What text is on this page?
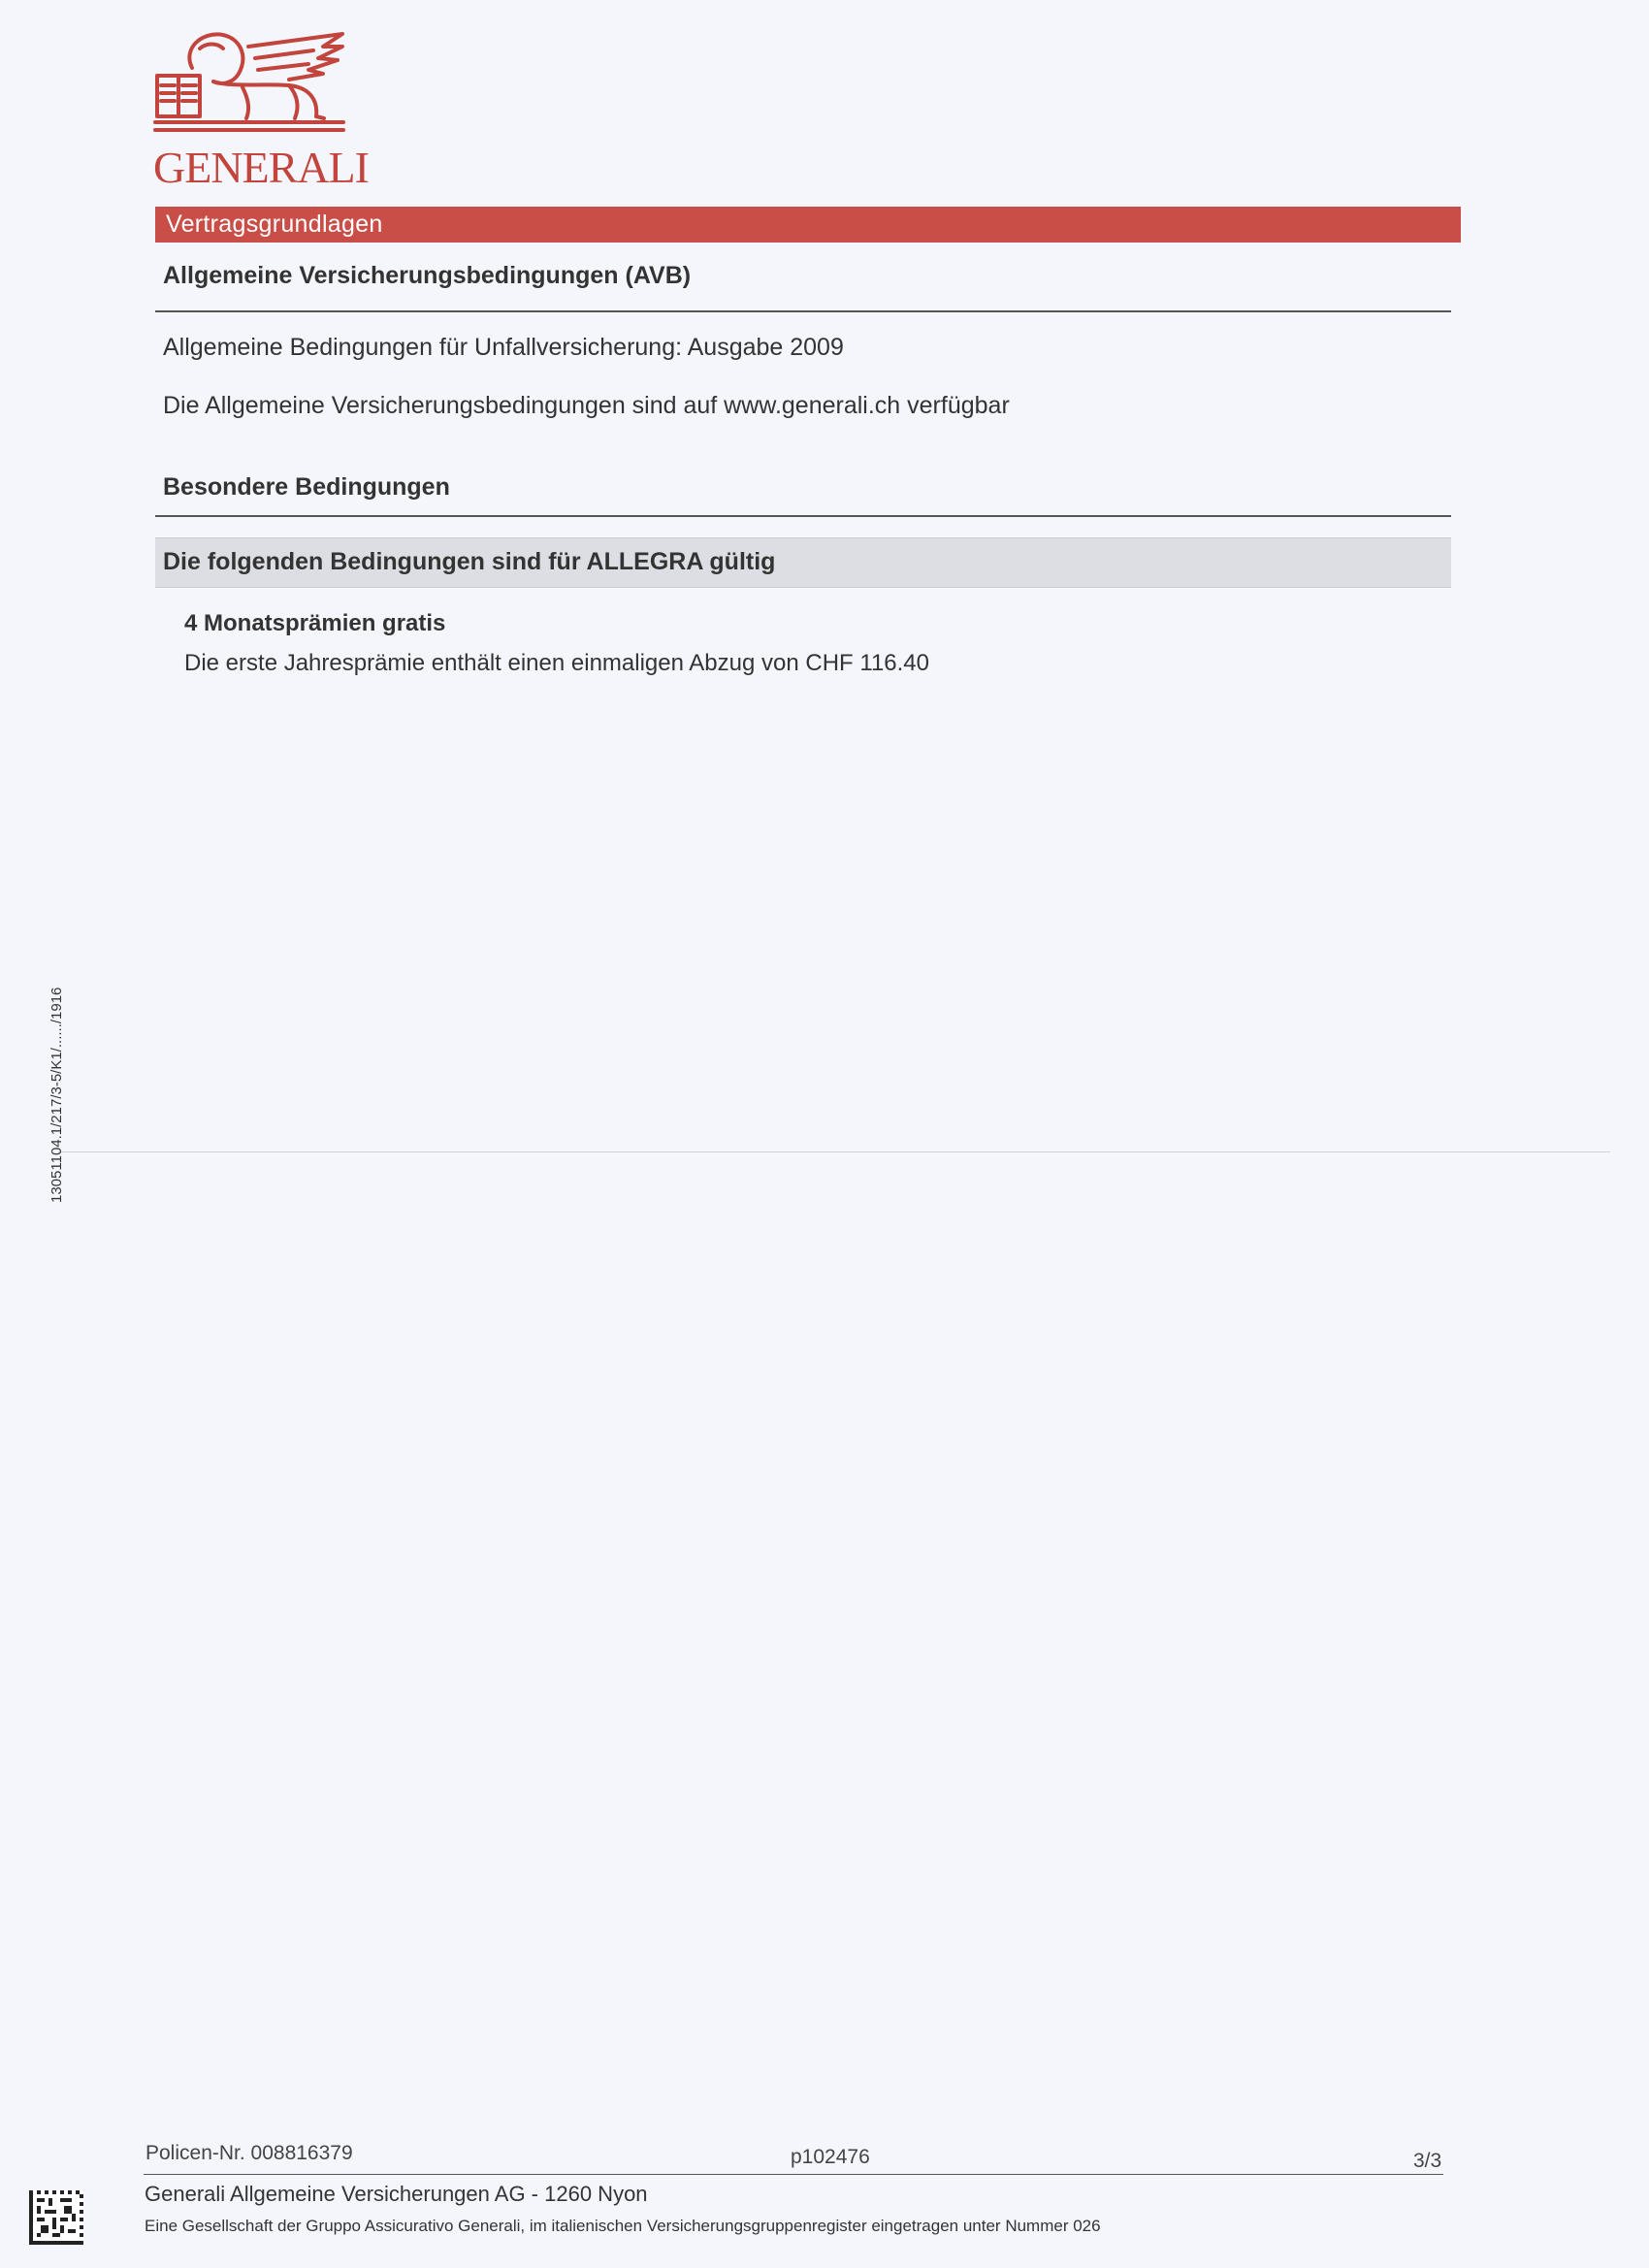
GENERALI
Vertragsgrundlagen
Allgemeine Versicherungsbedingungen (AVB)
Allgemeine Bedingungen für Unfallversicherung: Ausgabe 2009
Die Allgemeine Versicherungsbedingungen sind auf www.generali.ch verfügbar
Besondere Bedingungen
Die folgenden Bedingungen sind für ALLEGRA gültig
4 Monatsprämien gratis
Die erste Jahresprämie enthält einen einmaligen Abzug von CHF 116.40
13051104.1/217/3-5/K1/....../1916
Policen-Nr. 008816379	p102476	3/3
Generali Allgemeine Versicherungen AG - 1260 Nyon
Eine Gesellschaft der Gruppo Assicurativo Generali, im italienischen Versicherungsgruppenregister eingetragen unter Nummer 026
